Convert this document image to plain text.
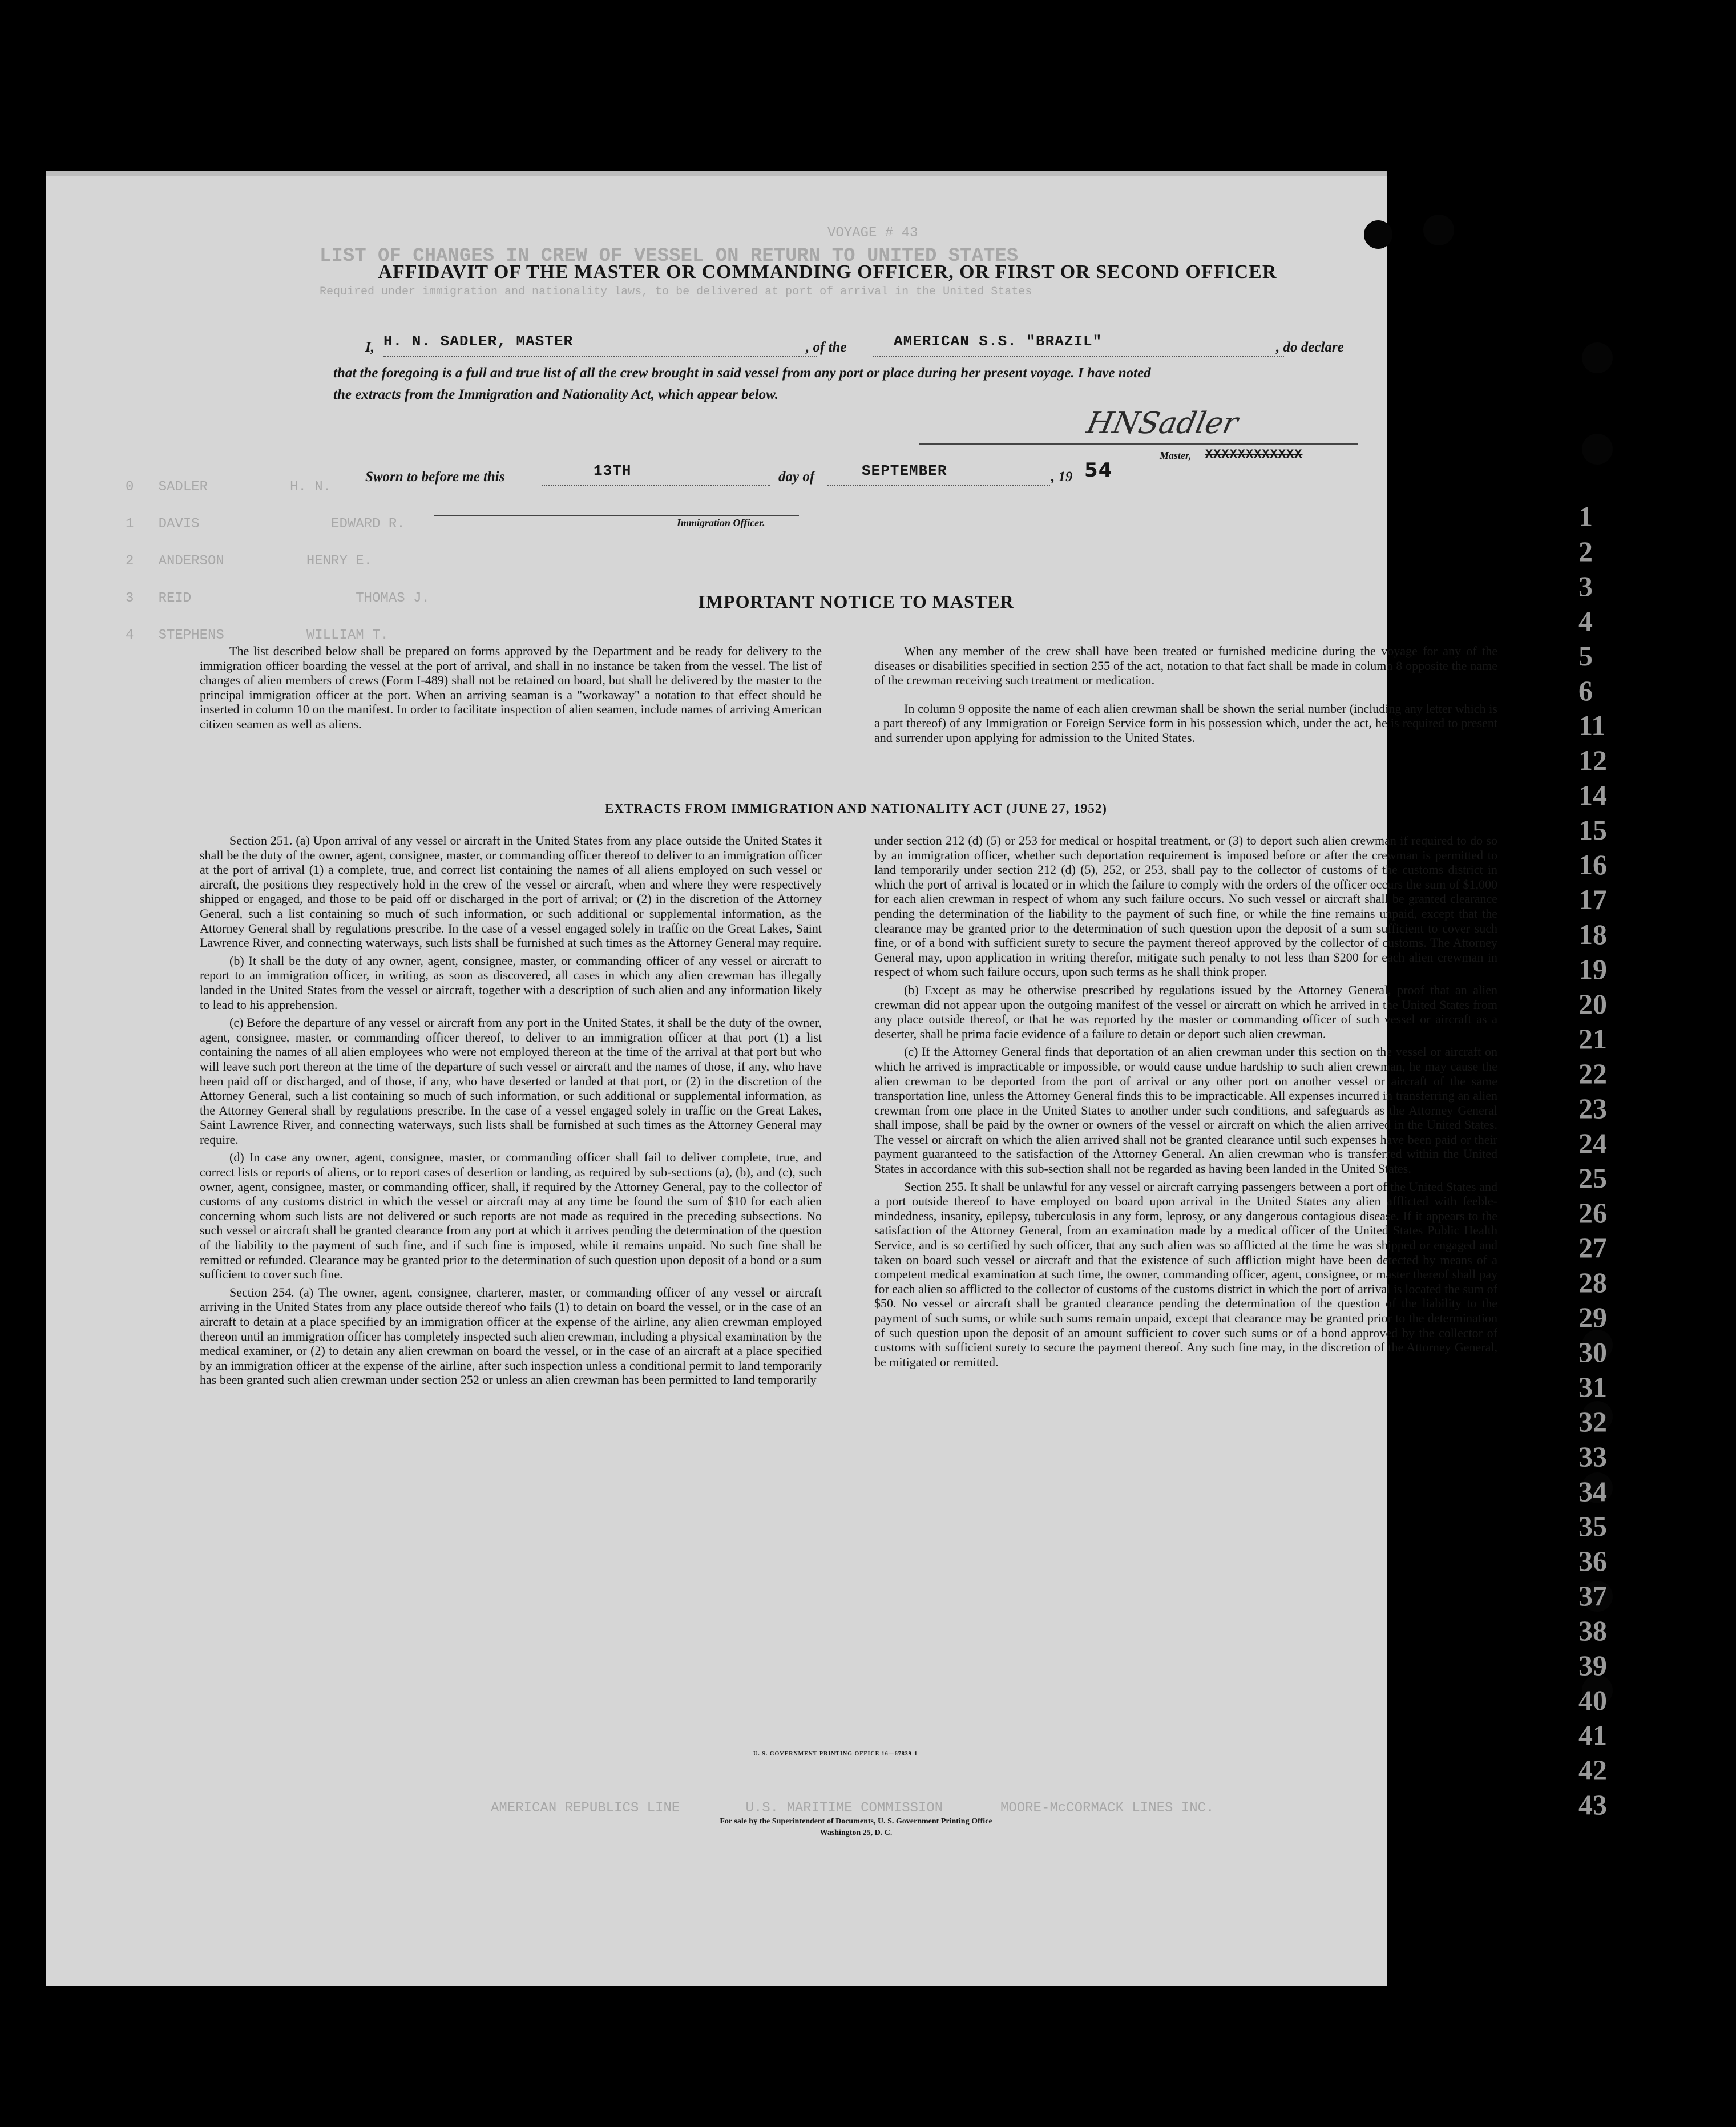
VOYAGE # 43
LIST OF CHANGES IN CREW OF VESSEL ON RETURN TO UNITED STATES
Required under immigration and nationality laws, to be delivered at port of arrival in the United States
0   SADLER          H. N.
1   DAVIS                EDWARD R.
2   ANDERSON          HENRY E.
3   REID                    THOMAS J.
4   STEPHENS          WILLIAM T.
AMERICAN REPUBLICS LINE        U.S. MARITIME COMMISSION       MOORE-McCORMACK LINES INC.
1
2
3
4
5
6
11
12
14
15
16
17
18
19
20
21
22
23
24
25
26
27
28
29
30
31
32
33
34
35
36
37
38
39
40
41
42
43
AFFIDAVIT OF THE MASTER OR COMMANDING OFFICER, OR FIRST OR SECOND OFFICER
I, H. N. SADLER, MASTER	, of the	AMERICAN S.S. "BRAZIL"	, do declare
that the foregoing is a full and true list of all the crew brought in said vessel from any port or place during her present voyage. I have noted
the extracts from the Immigration and Nationality Act, which appear below.
HNSadler
Master, XXXXXXXXXXXX
Sworn to before me this	13TH	day of	SEPTEMBER	, 19 54
Immigration Officer.
IMPORTANT NOTICE TO MASTER

The list described below shall be prepared on forms approved by the Department and be ready for delivery to the immigration officer boarding the vessel at the port of arrival, and shall in no instance be taken from the vessel. The list of changes of alien members of crews (Form I-489) shall not be retained on board, but shall be delivered by the master to the principal immigration officer at the port. When an arriving seaman is a "workaway" a notation to that effect should be inserted in column 10 on the manifest. In order to facilitate inspection of alien seamen, include names of arriving American citizen seamen as well as aliens.

When any member of the crew shall have been treated or furnished medicine during the voyage for any of the diseases or disabilities specified in section 255 of the act, notation to that fact shall be made in column 8 opposite the name of the crewman receiving such treatment or medication.

In column 9 opposite the name of each alien crewman shall be shown the serial number (including any letter which is a part thereof) of any Immigration or Foreign Service form in his possession which, under the act, he is required to present and surrender upon applying for admission to the United States.

EXTRACTS FROM IMMIGRATION AND NATIONALITY ACT (JUNE 27, 1952)

Section 251. (a) Upon arrival of any vessel or aircraft in the United States from any place outside the United States it shall be the duty of the owner, agent, consignee, master, or commanding officer thereof to deliver to an immigration officer at the port of arrival (1) a complete, true, and correct list containing the names of all aliens employed on such vessel or aircraft, the positions they respectively hold in the crew of the vessel or aircraft, when and where they were respectively shipped or engaged, and those to be paid off or discharged in the port of arrival; or (2) in the discretion of the Attorney General, such a list containing so much of such information, or such additional or supplemental information, as the Attorney General shall by regulations prescribe. In the case of a vessel engaged solely in traffic on the Great Lakes, Saint Lawrence River, and connecting waterways, such lists shall be furnished at such times as the Attorney General may require.

(b) It shall be the duty of any owner, agent, consignee, master, or commanding officer of any vessel or aircraft to report to an immigration officer, in writing, as soon as discovered, all cases in which any alien crewman has illegally landed in the United States from the vessel or aircraft, together with a description of such alien and any information likely to lead to his apprehension.

(c) Before the departure of any vessel or aircraft from any port in the United States, it shall be the duty of the owner, agent, consignee, master, or commanding officer thereof, to deliver to an immigration officer at that port (1) a list containing the names of all alien employees who were not employed thereon at the time of the arrival at that port but who will leave such port thereon at the time of the departure of such vessel or aircraft and the names of those, if any, who have been paid off or discharged, and of those, if any, who have deserted or landed at that port, or (2) in the discretion of the Attorney General, such a list containing so much of such information, or such additional or supplemental information, as the Attorney General shall by regulations prescribe. In the case of a vessel engaged solely in traffic on the Great Lakes, Saint Lawrence River, and connecting waterways, such lists shall be furnished at such times as the Attorney General may require.

(d) In case any owner, agent, consignee, master, or commanding officer shall fail to deliver complete, true, and correct lists or reports of aliens, or to report cases of desertion or landing, as required by sub-sections (a), (b), and (c), such owner, agent, consignee, master, or commanding officer, shall, if required by the Attorney General, pay to the collector of customs of any customs district in which the vessel or aircraft may at any time be found the sum of $10 for each alien concerning whom such lists are not delivered or such reports are not made as required in the preceding subsections. No such vessel or aircraft shall be granted clearance from any port at which it arrives pending the determination of the question of the liability to the payment of such fine, and if such fine is imposed, while it remains unpaid. No such fine shall be remitted or refunded. Clearance may be granted prior to the determination of such question upon deposit of a bond or a sum sufficient to cover such fine.

Section 254. (a) The owner, agent, consignee, charterer, master, or commanding officer of any vessel or aircraft arriving in the United States from any place outside thereof who fails (1) to detain on board the vessel, or in the case of an aircraft to detain at a place specified by an immigration officer at the expense of the airline, any alien crewman employed thereon until an immigration officer has completely inspected such alien crewman, including a physical examination by the medical examiner, or (2) to detain any alien crewman on board the vessel, or in the case of an aircraft at a place specified by an immigration officer at the expense of the airline, after such inspection unless a conditional permit to land temporarily has been granted such alien crewman under section 252 or unless an alien crewman has been permitted to land temporarily

under section 212 (d) (5) or 253 for medical or hospital treatment, or (3) to deport such alien crewman if required to do so by an immigration officer, whether such deportation requirement is imposed before or after the crewman is permitted to land temporarily under section 212 (d) (5), 252, or 253, shall pay to the collector of customs of the customs district in which the port of arrival is located or in which the failure to comply with the orders of the officer occurs the sum of $1,000 for each alien crewman in respect of whom any such failure occurs. No such vessel or aircraft shall be granted clearance pending the determination of the liability to the payment of such fine, or while the fine remains unpaid, except that the clearance may be granted prior to the determination of such question upon the deposit of a sum sufficient to cover such fine, or of a bond with sufficient surety to secure the payment thereof approved by the collector of customs. The Attorney General may, upon application in writing therefor, mitigate such penalty to not less than $200 for each alien crewman in respect of whom such failure occurs, upon such terms as he shall think proper.

(b) Except as may be otherwise prescribed by regulations issued by the Attorney General, proof that an alien crewman did not appear upon the outgoing manifest of the vessel or aircraft on which he arrived in the United States from any place outside thereof, or that he was reported by the master or commanding officer of such vessel or aircraft as a deserter, shall be prima facie evidence of a failure to detain or deport such alien crewman.

(c) If the Attorney General finds that deportation of an alien crewman under this section on the vessel or aircraft on which he arrived is impracticable or impossible, or would cause undue hardship to such alien crewman, he may cause the alien crewman to be deported from the port of arrival or any other port on another vessel or aircraft of the same transportation line, unless the Attorney General finds this to be impracticable. All expenses incurred in transferring an alien crewman from one place in the United States to another under such conditions, and safeguards as the Attorney General shall impose, shall be paid by the owner or owners of the vessel or aircraft on which the alien arrived in the United States. The vessel or aircraft on which the alien arrived shall not be granted clearance until such expenses have been paid or their payment guaranteed to the satisfaction of the Attorney General. An alien crewman who is transferred within the United States in accordance with this sub-section shall not be regarded as having been landed in the United States.

Section 255. It shall be unlawful for any vessel or aircraft carrying passengers between a port of the United States and a port outside thereof to have employed on board upon arrival in the United States any alien afflicted with feeble-mindedness, insanity, epilepsy, tuberculosis in any form, leprosy, or any dangerous contagious disease. If it appears to the satisfaction of the Attorney General, from an examination made by a medical officer of the United States Public Health Service, and is so certified by such officer, that any such alien was so afflicted at the time he was shipped or engaged and taken on board such vessel or aircraft and that the existence of such affliction might have been detected by means of a competent medical examination at such time, the owner, commanding officer, agent, consignee, or master thereof shall pay for each alien so afflicted to the collector of customs of the customs district in which the port of arrival is located the sum of $50. No vessel or aircraft shall be granted clearance pending the determination of the question of the liability to the payment of such sums, or while such sums remain unpaid, except that clearance may be granted prior to the determination of such question upon the deposit of an amount sufficient to cover such sums or of a bond approved by the collector of customs with sufficient surety to secure the payment thereof. Any such fine may, in the discretion of the Attorney General, be mitigated or remitted.

U. S. GOVERNMENT PRINTING OFFICE 16—67839-1
For sale by the Superintendent of Documents, U. S. Government Printing Office
Washington 25, D. C.
